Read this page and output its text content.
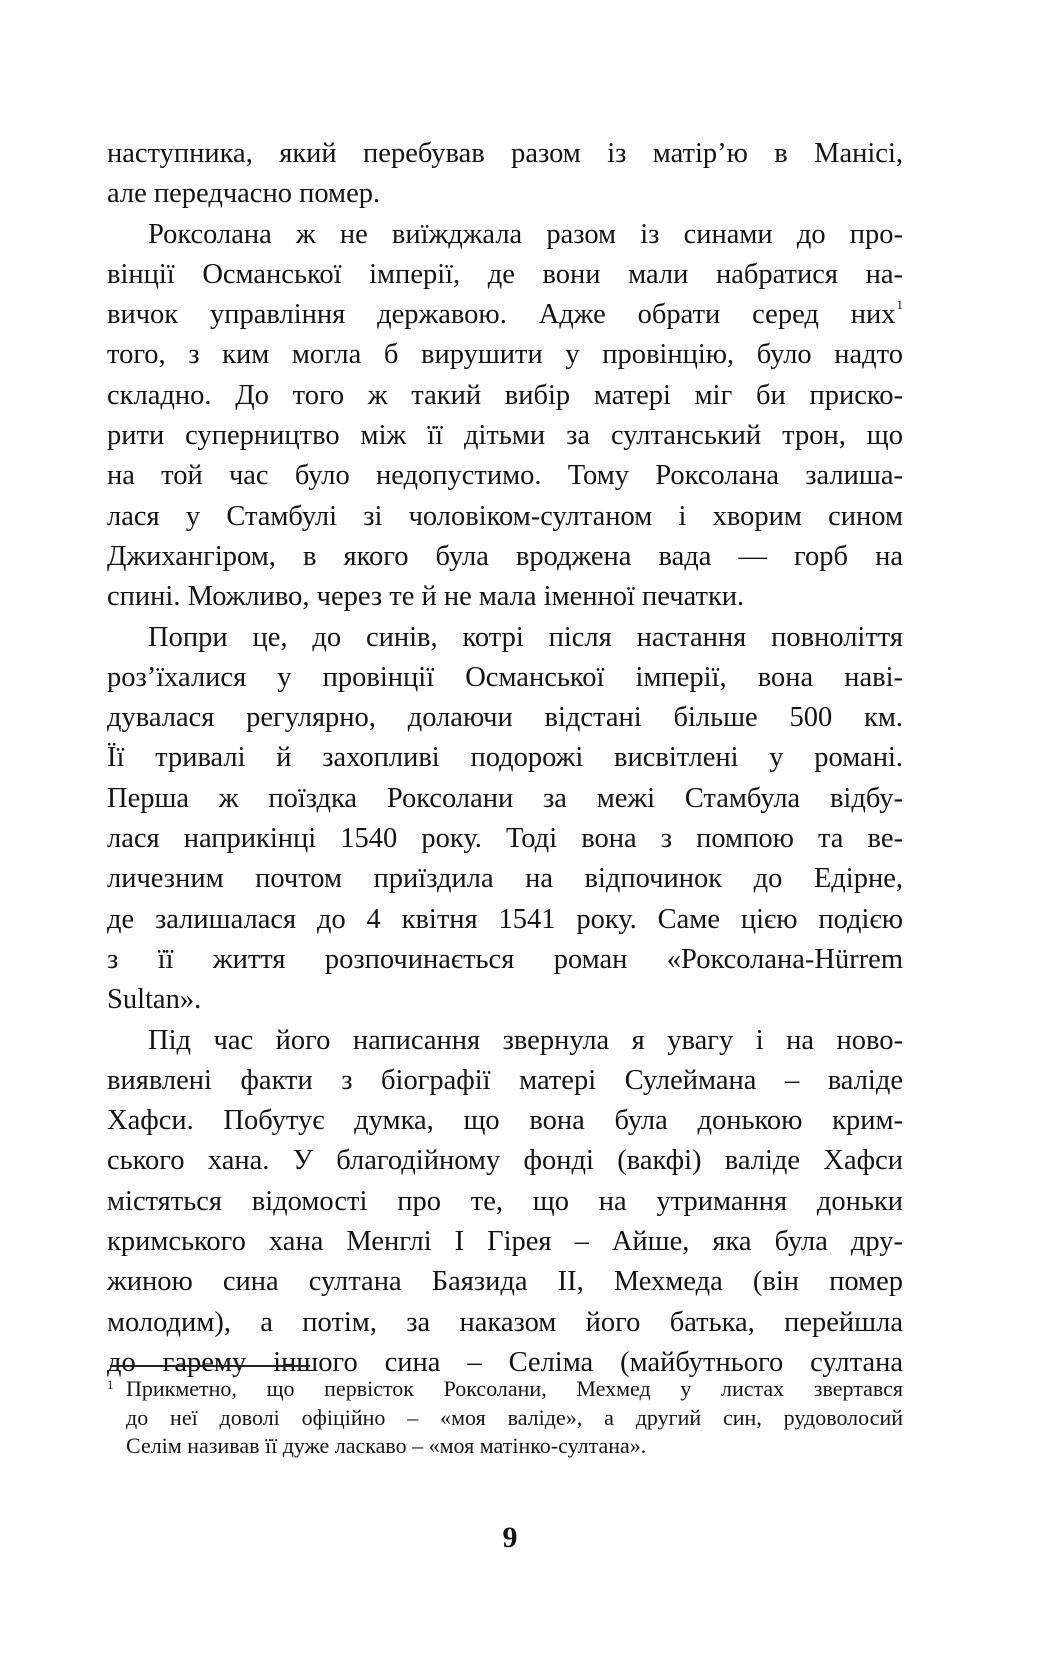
наступника, який перебував разом із матір’ю в Манісі,
але передчасно помер.
Роксолана ж не виїжджала разом із синами до про-
вінції Османської імперії, де вони мали набратися на-
вичок управління державою. Адже обрати серед них$^1$
того, з ким могла б вирушити у провінцію, було надто
складно. До того ж такий вибір матері міг би приско-
рити суперництво між її дітьми за султанський трон, що
на той час було недопустимо. Тому Роксолана залиша-
лася у Стамбулі зі чоловіком-султаном і хворим сином
Джихангіром, в якого була вроджена вада — горб на
спині. Можливо, через те й не мала іменної печатки.
Попри це, до синів, котрі після настання повноліття
роз’їхалися у провінції Османської імперії, вона наві-
дувалася регулярно, долаючи відстані більше 500 км.
Її тривалі й захопливі подорожі висвітлені у романі.
Перша ж поїздка Роксолани за межі Стамбула відбу-
лася наприкінці 1540 року. Тоді вона з помпою та ве-
личезним почтом приїздила на відпочинок до Едірне,
де залишалася до 4 квітня 1541 року. Саме цією подією
з її життя розпочинається роман «Роксолана-Hürrem
Sultan».
Під час його написання звернула я увагу і на ново-
виявлені факти з біографії матері Сулеймана – валіде
Хафси. Побутує думка, що вона була донькою крим-
ського хана. У благодійному фонді (вакфі) валіде Хафси
містяться відомості про те, що на утримання доньки
кримського хана Менглі І Гірея – Айше, яка була дру-
жиною сина султана Баязида ІІ, Мехмеда (він помер
молодим), а потім, за наказом його батька, перейшла
до гарему іншого сина – Селіма (майбутнього султана
1 Прикметно, що первісток Роксолани, Мехмед у листах звертався
до неї доволі офіційно – «моя валіде», а другий син, рудоволосий
Селім називав її дуже ласкаво – «моя матінко-султана».
9
